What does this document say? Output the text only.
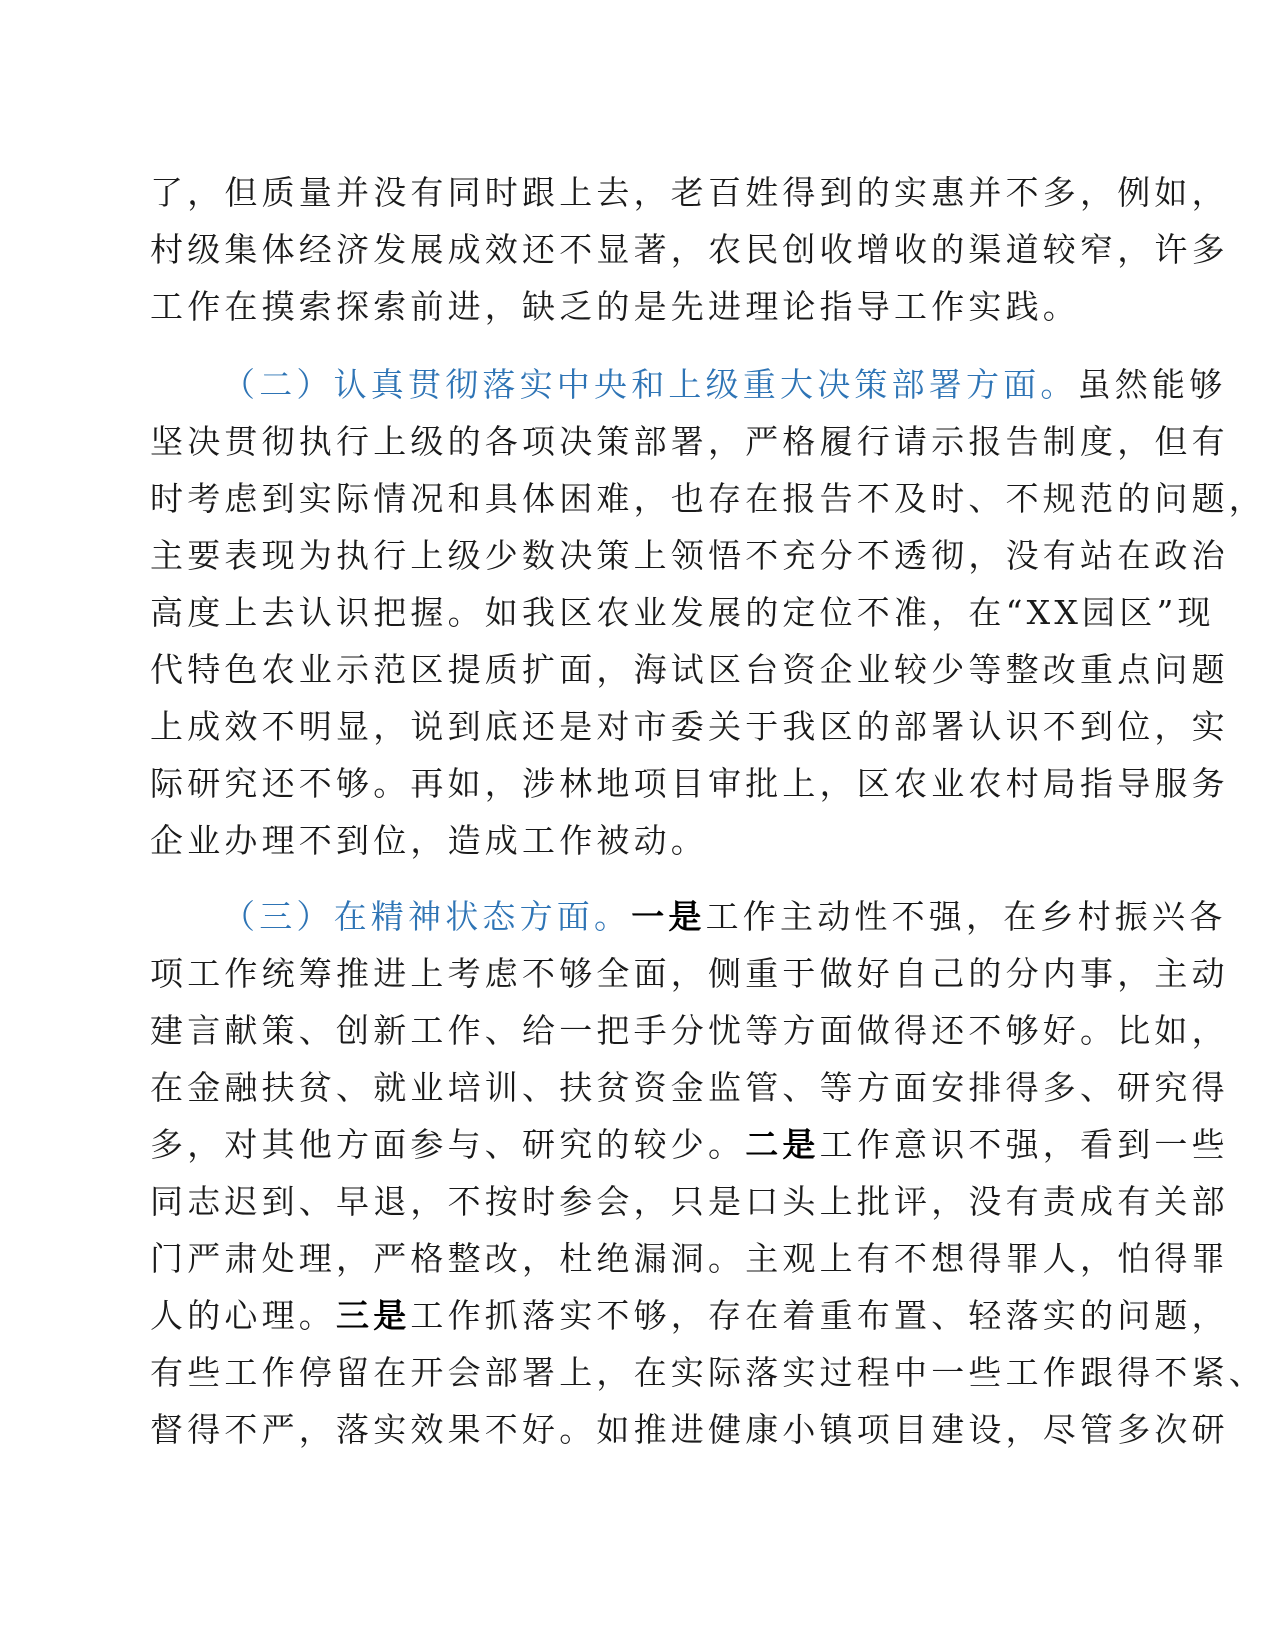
了，但质量并没有同时跟上去，老百姓得到的实惠并不多，例如，
村级集体经济发展成效还不显著，农民创收增收的渠道较窄，许多
工作在摸索探索前进，缺乏的是先进理论指导工作实践。
（二）认真贯彻落实中央和上级重大决策部署方面。虽然能够
坚决贯彻执行上级的各项决策部署，严格履行请示报告制度，但有
时考虑到实际情况和具体困难，也存在报告不及时、不规范的问题，
主要表现为执行上级少数决策上领悟不充分不透彻，没有站在政治
高度上去认识把握。如我区农业发展的定位不准，在“XX园区”现
代特色农业示范区提质扩面，海试区台资企业较少等整改重点问题
上成效不明显，说到底还是对市委关于我区的部署认识不到位，实
际研究还不够。再如，涉林地项目审批上，区农业农村局指导服务
企业办理不到位，造成工作被动。
（三）在精神状态方面。一是工作主动性不强，在乡村振兴各
项工作统筹推进上考虑不够全面，侧重于做好自己的分内事，主动
建言献策、创新工作、给一把手分忧等方面做得还不够好。比如，
在金融扶贫、就业培训、扶贫资金监管、等方面安排得多、研究得
多，对其他方面参与、研究的较少。二是工作意识不强，看到一些
同志迟到、早退，不按时参会，只是口头上批评，没有责成有关部
门严肃处理，严格整改，杜绝漏洞。主观上有不想得罪人，怕得罪
人的心理。三是工作抓落实不够，存在着重布置、轻落实的问题，
有些工作停留在开会部署上，在实际落实过程中一些工作跟得不紧、
督得不严，落实效果不好。如推进健康小镇项目建设，尽管多次研
